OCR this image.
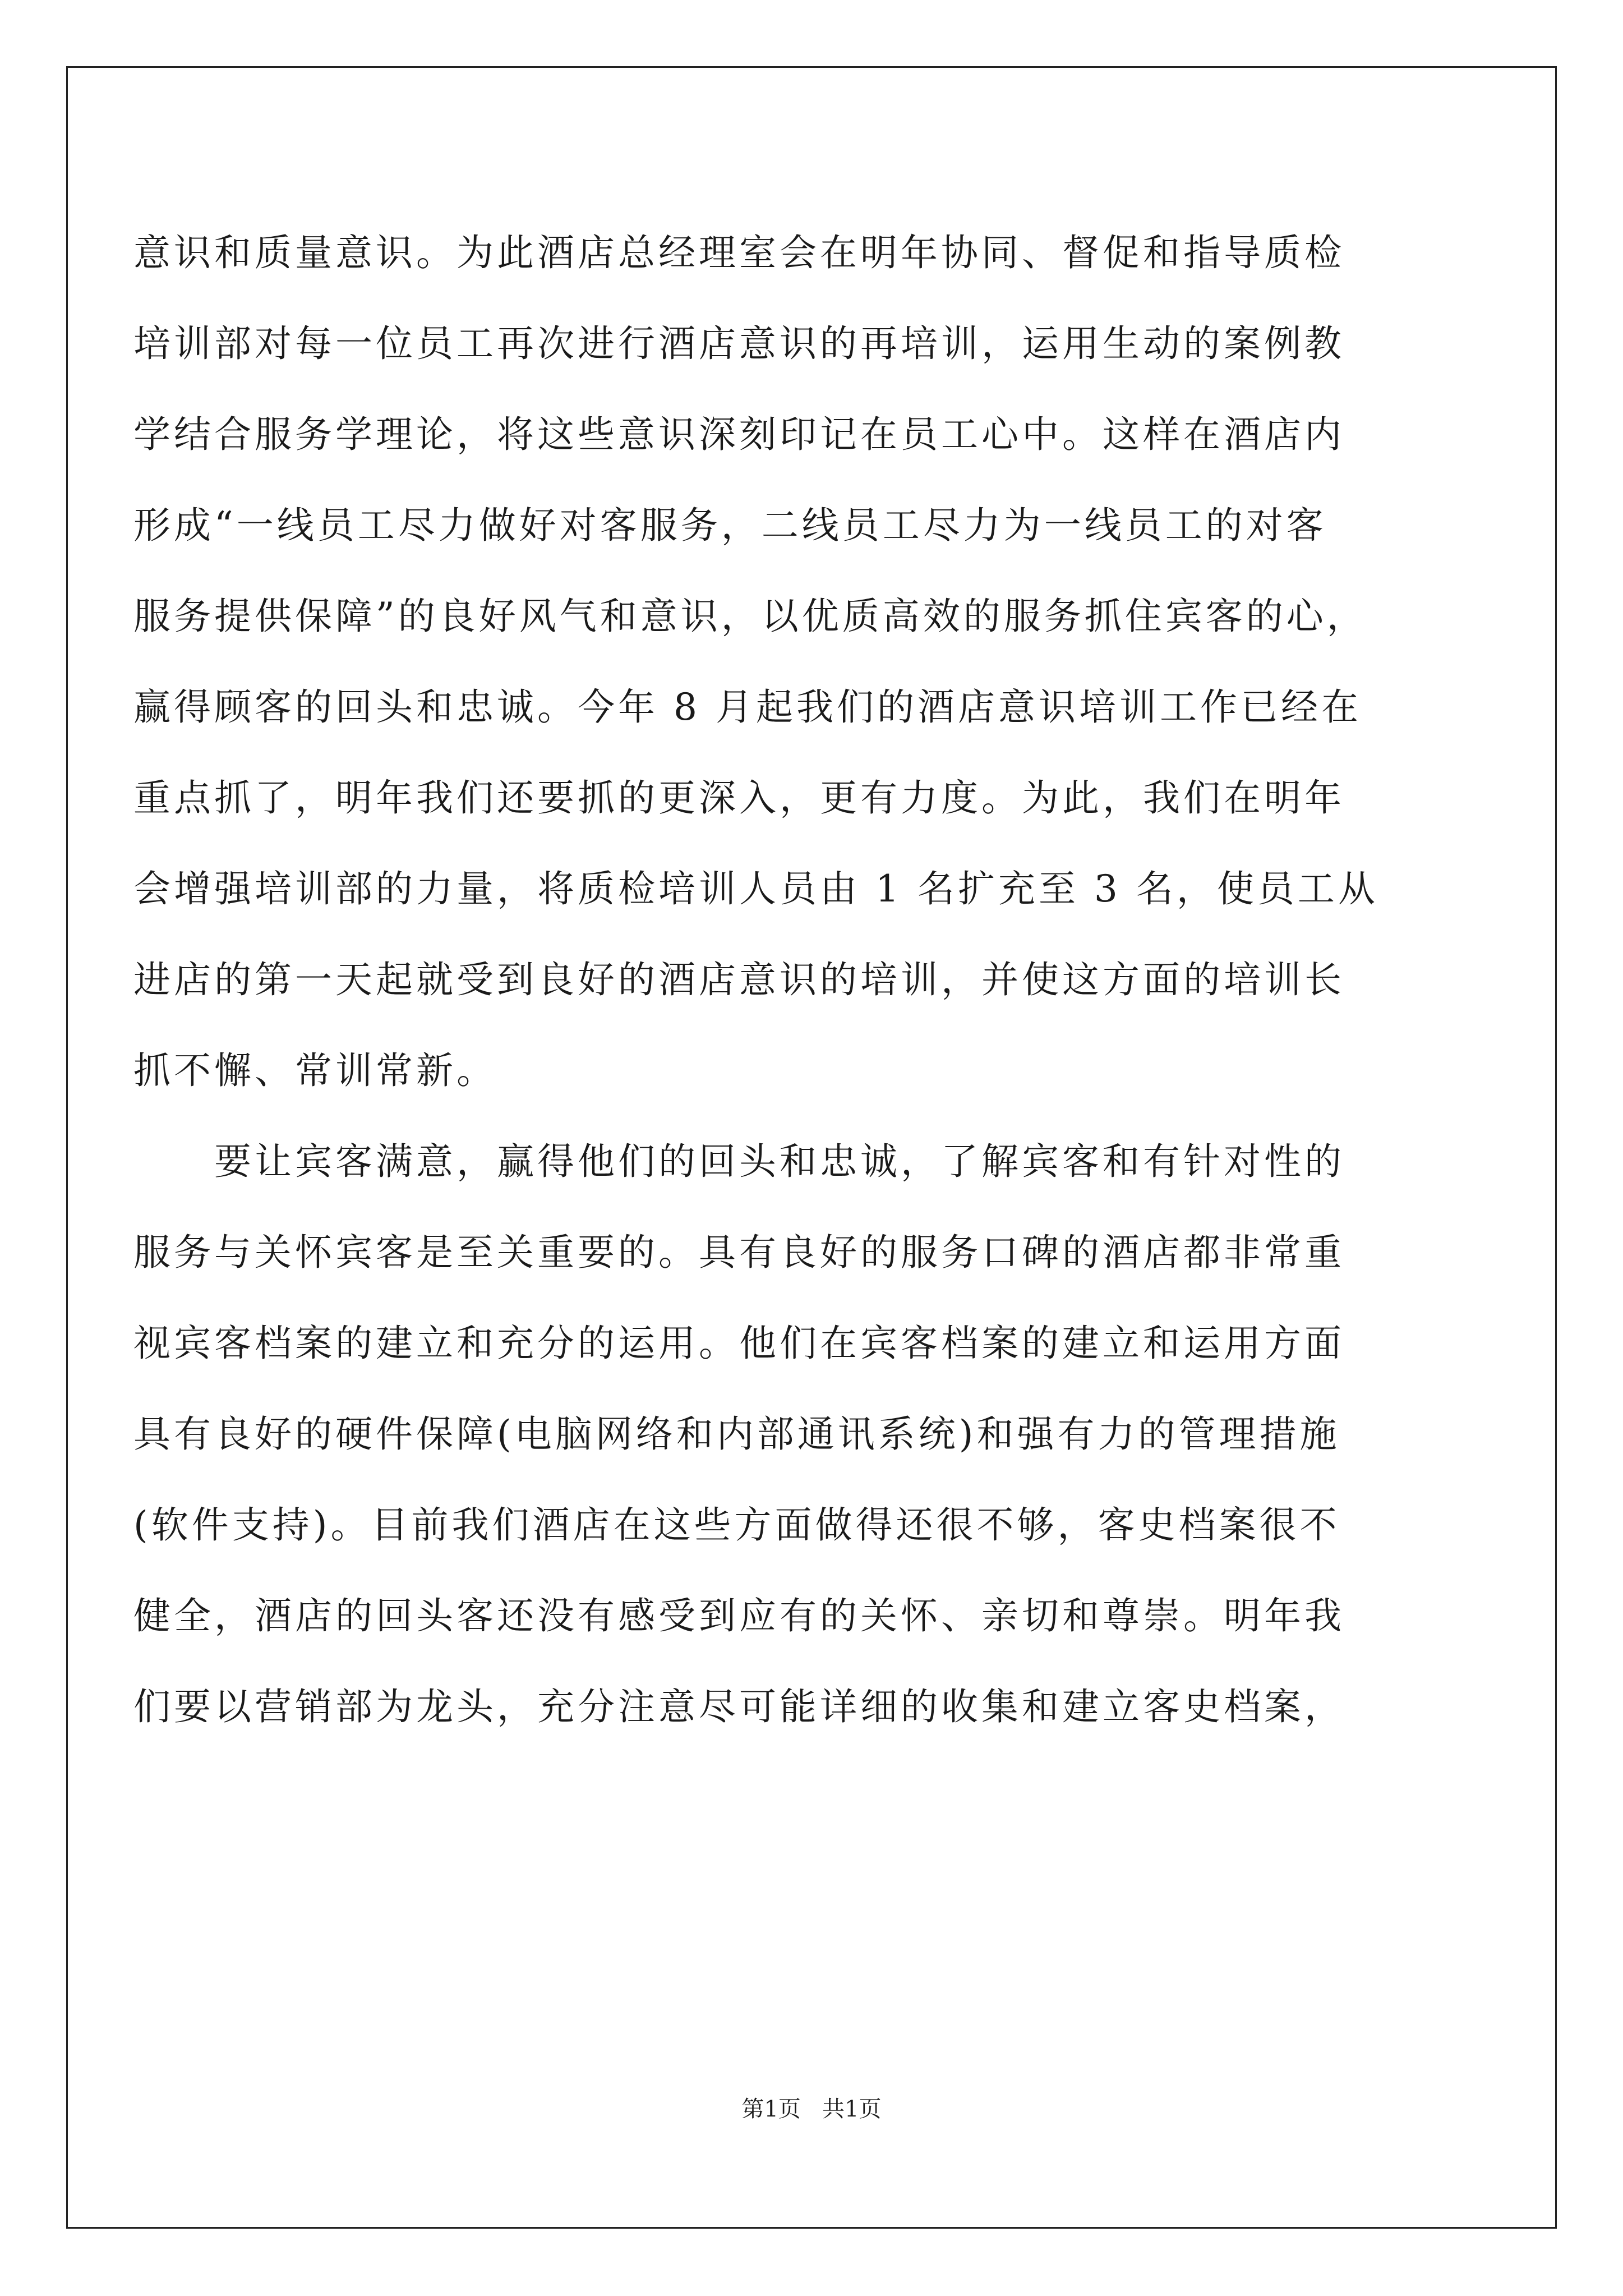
意识和质量意识。为此酒店总经理室会在明年协同、督促和指导质检
培训部对每一位员工再次进行酒店意识的再培训，运用生动的案例教
学结合服务学理论，将这些意识深刻印记在员工心中。这样在酒店内
形成“一线员工尽力做好对客服务，二线员工尽力为一线员工的对客
服务提供保障”的良好风气和意识，以优质高效的服务抓住宾客的心，
赢得顾客的回头和忠诚。今年 8 月起我们的酒店意识培训工作已经在
重点抓了，明年我们还要抓的更深入，更有力度。为此，我们在明年
会增强培训部的力量，将质检培训人员由 1 名扩充至 3 名，使员工从
进店的第一天起就受到良好的酒店意识的培训，并使这方面的培训长
抓不懈、常训常新。
　　要让宾客满意，赢得他们的回头和忠诚，了解宾客和有针对性的
服务与关怀宾客是至关重要的。具有良好的服务口碑的酒店都非常重
视宾客档案的建立和充分的运用。他们在宾客档案的建立和运用方面
具有良好的硬件保障(电脑网络和内部通讯系统)和强有力的管理措施
(软件支持)。目前我们酒店在这些方面做得还很不够，客史档案很不
健全，酒店的回头客还没有感受到应有的关怀、亲切和尊崇。明年我
们要以营销部为龙头，充分注意尽可能详细的收集和建立客史档案，
第1页   共1页
